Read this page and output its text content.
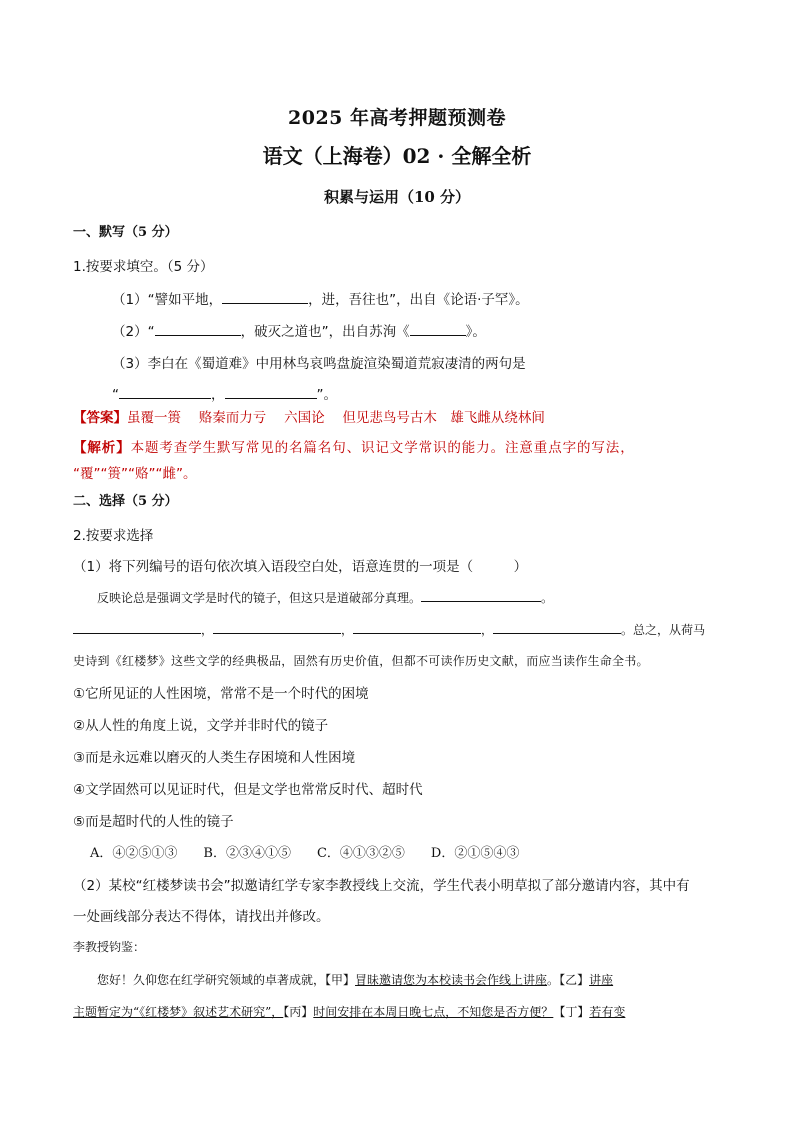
2025 年高考押题预测卷
语文（上海卷）02 · 全解全析
积累与运用（10 分）
一、默写（5 分）
1.按要求填空。（5 分）
（1）“譬如平地，	，进，吾往也”，出自《论语·子罕》。
（2）“	，破灭之道也”，出自苏洵《	》。
（3）李白在《蜀道难》中用林鸟哀鸣盘旋渲染蜀道荒寂凄清的两句是
“	，	”。
【答案】虽覆一篑　 赂秦而力亏　 六国论　 但见悲鸟号古木　雄飞雌从绕林间
【解析】本题考查学生默写常见的名篇名句、识记文学常识的能力。注意重点字的写法，
“覆”“篑”“赂”“雌”。
二、选择（5 分）
2.按要求选择
（1）将下列编号的语句依次填入语段空白处，语意连贯的一项是（　　　）
反映论总是强调文学是时代的镜子，但这只是道破部分真理。	。
，	，	，	。总之，从荷马
史诗到《红楼梦》这些文学的经典极品，固然有历史价值，但都不可读作历史文献，而应当读作生命全书。
①它所见证的人性困境，常常不是一个时代的困境
②从人性的角度上说，文学并非时代的镜子
③而是永远难以磨灭的人类生存困境和人性困境
④文学固然可以见证时代，但是文学也常常反时代、超时代
⑤而是超时代的人性的镜子
A．④②⑤①③ B．②③④①⑤ C．④①③②⑤ D．②①⑤④③
（2）某校“红楼梦读书会”拟邀请红学专家李教授线上交流，学生代表小明草拟了部分邀请内容，其中有
一处画线部分表达不得体，请找出并修改。
李教授钧鉴：
您好！久仰您在红学研究领域的卓著成就，【甲】冒昧邀请您为本校读书会作线上讲座。【乙】讲座
主题暂定为“《红楼梦》叙述艺术研究”，【丙】时间安排在本周日晚七点，不知您是否方便？【丁】若有变
